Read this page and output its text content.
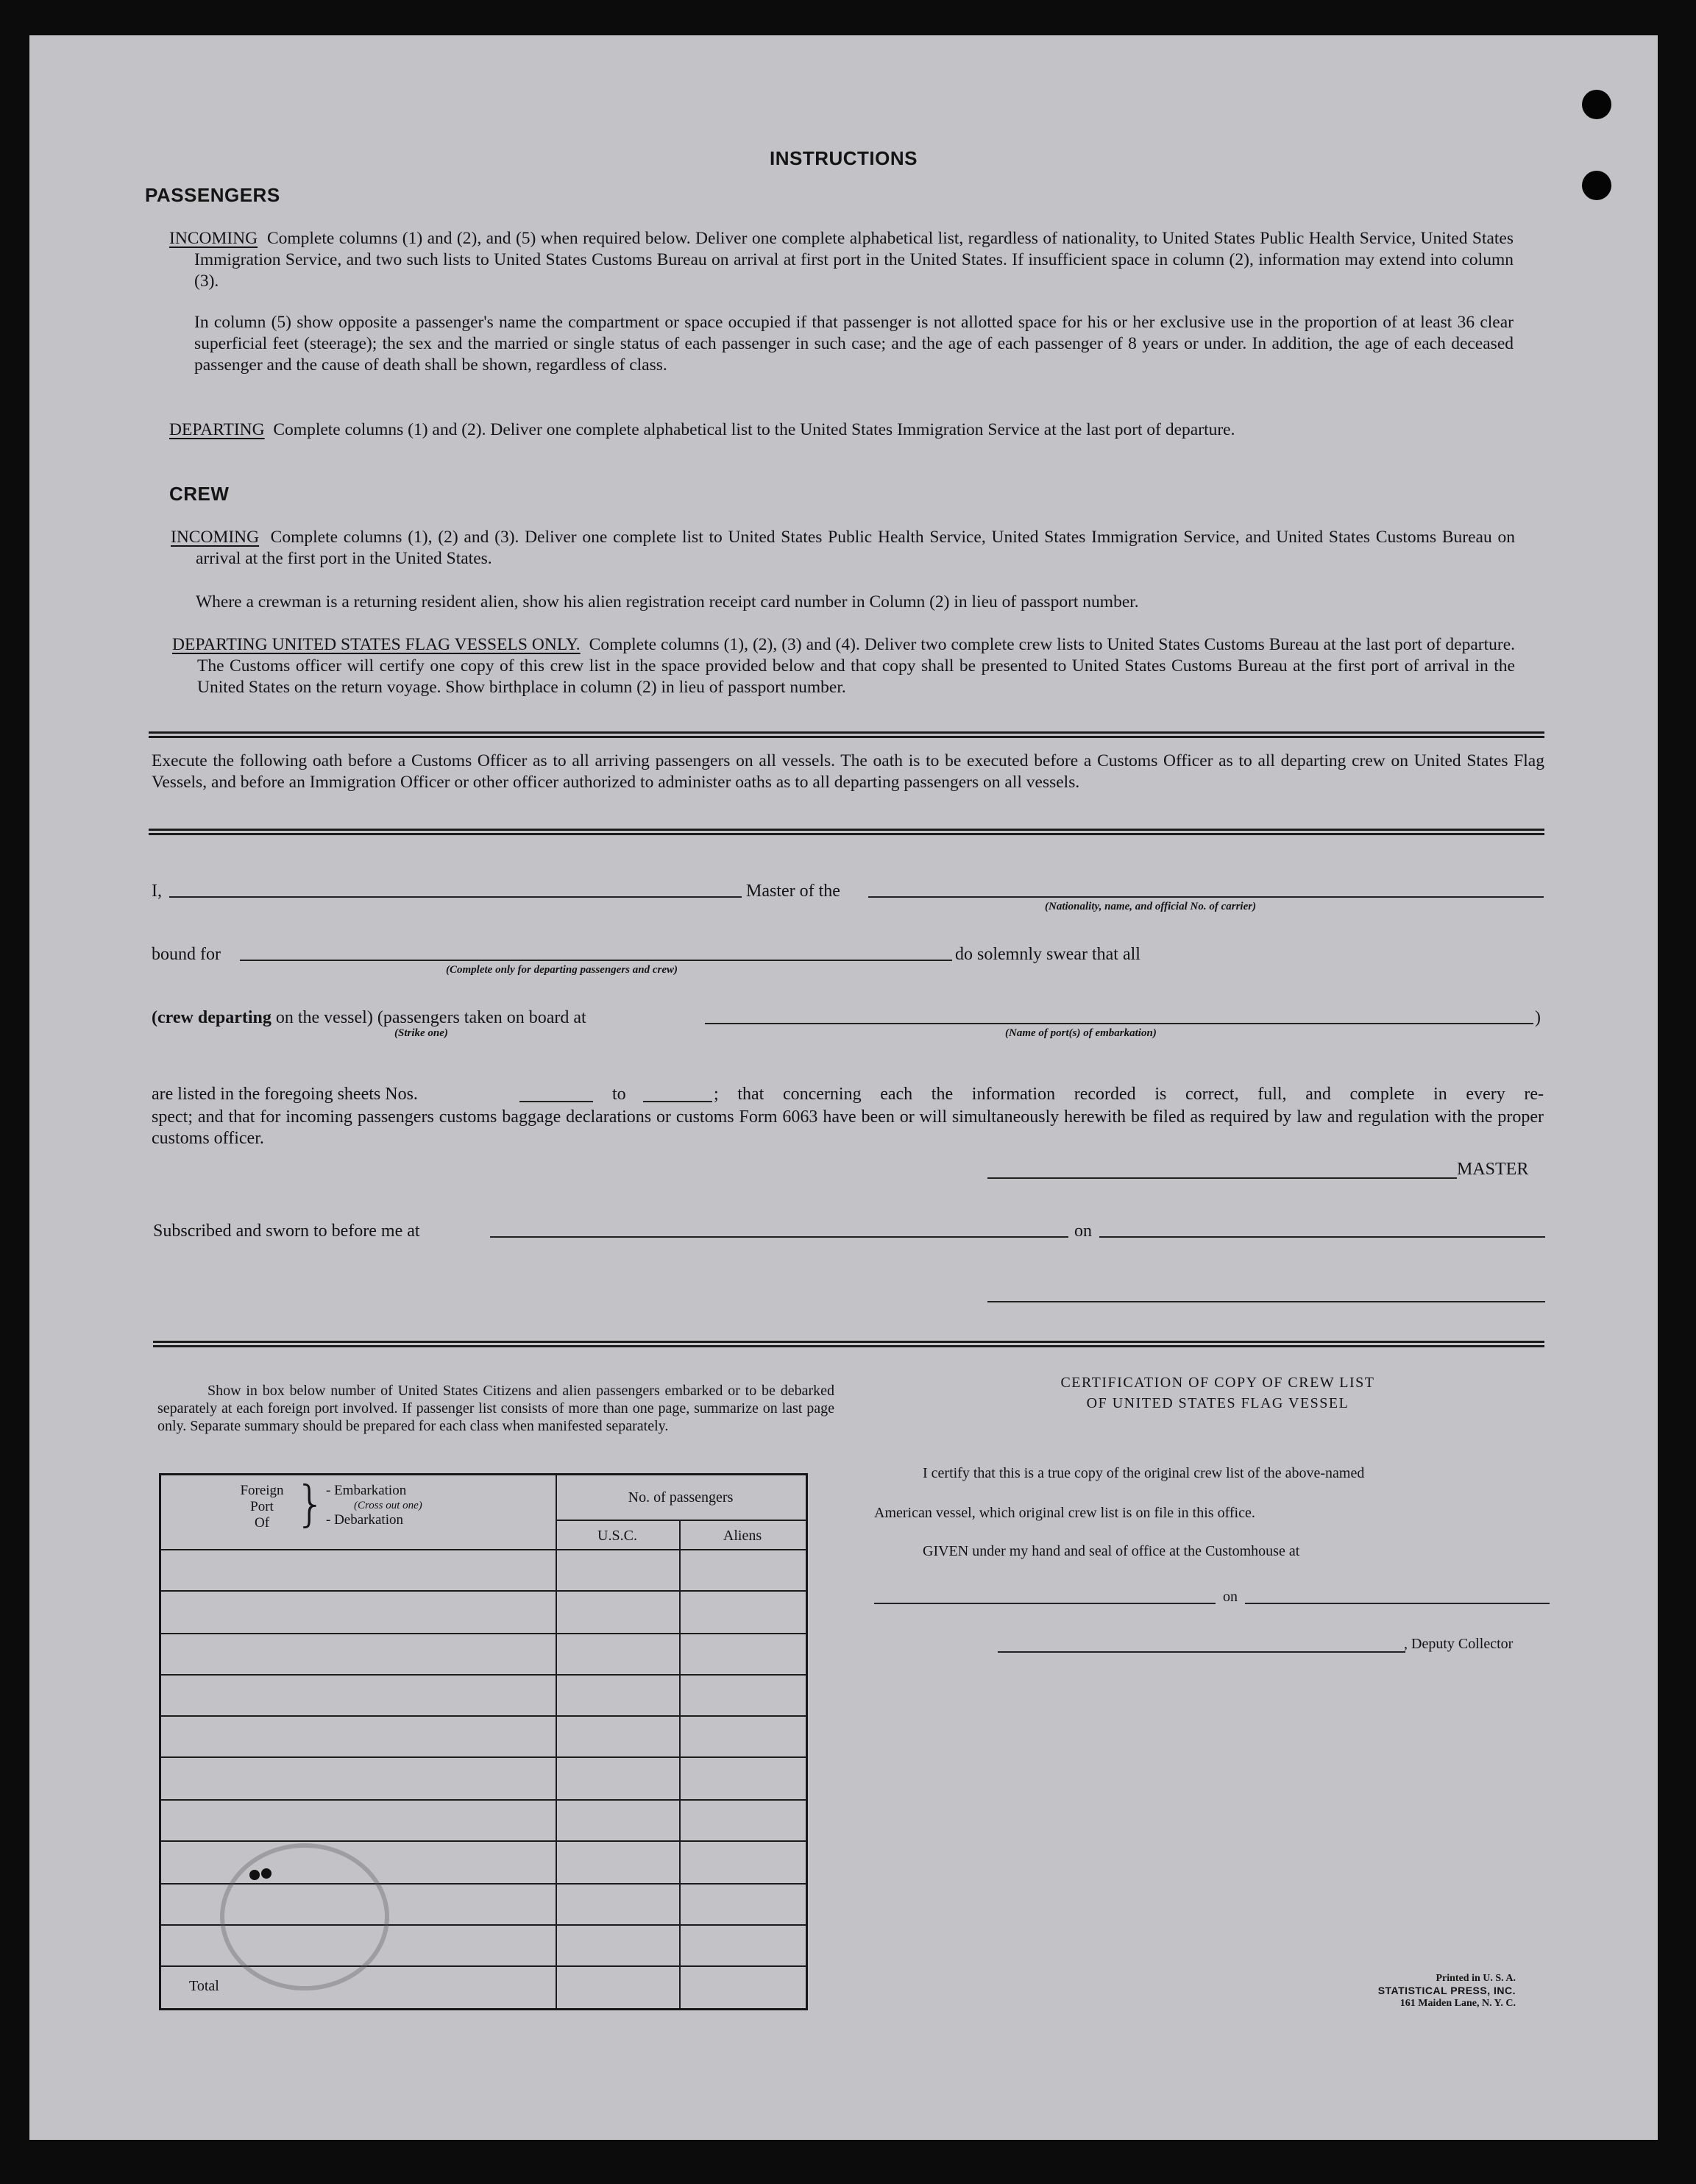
INSTRUCTIONS
PASSENGERS
INCOMING Complete columns (1) and (2), and (5) when required below. Deliver one complete alphabetical list, regardless of nationality, to United States Public Health Service, United States Immigration Service, and two such lists to United States Customs Bureau on arrival at first port in the United States. If insufficient space in column (2), information may extend into column (3).
In column (5) show opposite a passenger's name the compartment or space occupied if that passenger is not allotted space for his or her exclusive use in the proportion of at least 36 clear superficial feet (steerage); the sex and the married or single status of each passenger in such case; and the age of each passenger of 8 years or under. In addition, the age of each deceased passenger and the cause of death shall be shown, regardless of class.
DEPARTING Complete columns (1) and (2). Deliver one complete alphabetical list to the United States Immigration Service at the last port of departure.
CREW
INCOMING Complete columns (1), (2) and (3). Deliver one complete list to United States Public Health Service, United States Immigration Service, and United States Customs Bureau on arrival at the first port in the United States.
Where a crewman is a returning resident alien, show his alien registration receipt card number in Column (2) in lieu of passport number.
DEPARTING UNITED STATES FLAG VESSELS ONLY. Complete columns (1), (2), (3) and (4). Deliver two complete crew lists to United States Customs Bureau at the last port of departure. The Customs officer will certify one copy of this crew list in the space provided below and that copy shall be presented to United States Customs Bureau at the first port of arrival in the United States on the return voyage. Show birthplace in column (2) in lieu of passport number.
Execute the following oath before a Customs Officer as to all arriving passengers on all vessels. The oath is to be executed before a Customs Officer as to all departing crew on United States Flag Vessels, and before an Immigration Officer or other officer authorized to administer oaths as to all departing passengers on all vessels.
I,	Master of the
(Nationality, name, and official No. of carrier)
bound for
(Complete only for departing passengers and crew)
do solemnly swear that all
(crew departing on the vessel) (passengers taken on board at	)
(Strike one)	(Name of port(s) of embarkation)
are listed in the foregoing sheets Nos.	to	; that concerning each the information recorded is correct, full, and complete in every re-
spect; and that for incoming passengers customs baggage declarations or customs Form 6063 have been or will simultaneously herewith be filed as required by law and regulation with the proper customs officer.
MASTER
Subscribed and sworn to before me at	on
Show in box below number of United States Citizens and alien passengers embarked or to be debarked separately at each foreign port involved. If passenger list consists of more than one page, summarize on last page only. Separate summary should be prepared for each class when manifested separately.
Foreign
Port
Of } - Embarkation
(Cross out one)
- Debarkation
No. of passengers
U.S.C.	Aliens
Total
CERTIFICATION OF COPY OF CREW LIST
OF UNITED STATES FLAG VESSEL
I certify that this is a true copy of the original crew list of the above-named
American vessel, which original crew list is on file in this office.
GIVEN under my hand and seal of office at the Customhouse at
on
, Deputy Collector
Printed in U. S. A.
STATISTICAL PRESS, INC.
161 Maiden Lane, N. Y. C.
